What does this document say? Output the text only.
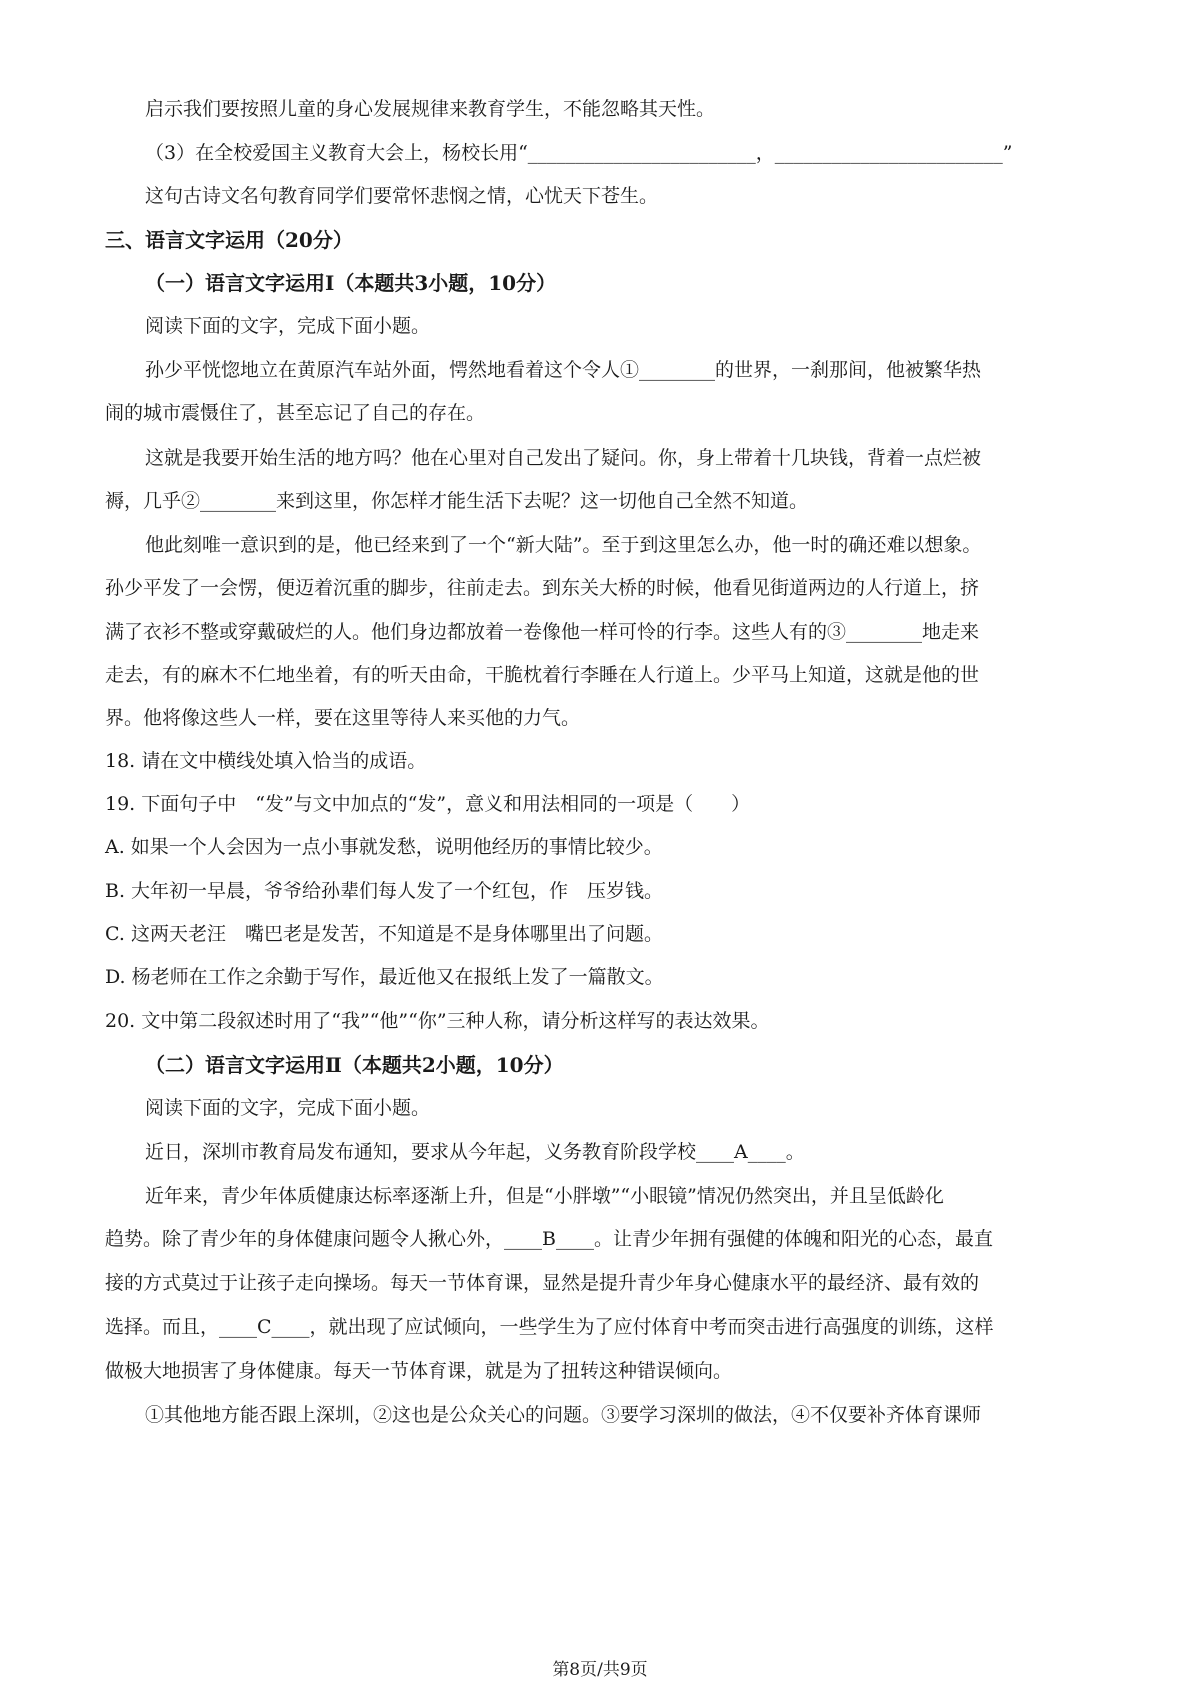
启示我们要按照儿童的身心发展规律来教育学生，不能忽略其天性。
（3）在全校爱国主义教育大会上，杨校长用“________________________，________________________”
这句古诗文名句教育同学们要常怀悲悯之情，心忧天下苍生。
三、语言文字运用（20分）
（一）语言文字运用Ⅰ（本题共3小题，10分）
阅读下面的文字，完成下面小题。
孙少平恍惚地立在黄原汽车站外面，愕然地看着这个令人①________的世界，一刹那间，他被繁华热
闹的城市震慑住了，甚至忘记了自己的存在。
这就是我要开始生活的地方吗？他在心里对自己发出了疑问。你，身上带着十几块钱，背着一点烂被
褥，几乎②________来到这里，你怎样才能生活下去呢？这一切他自己全然不知道。
他此刻唯一意识到的是，他已经来到了一个“新大陆”。至于到这里怎么办，他一时的确还难以想象。
孙少平发了一会愣，便迈着沉重的脚步，往前走去。到东关大桥的时候，他看见街道两边的人行道上，挤
满了衣衫不整或穿戴破烂的人。他们身边都放着一卷像他一样可怜的行李。这些人有的③________地走来
走去，有的麻木不仁地坐着，有的听天由命，干脆枕着行李睡在人行道上。少平马上知道，这就是他的世
界。他将像这些人一样，要在这里等待人来买他的力气。
18. 请在文中横线处填入恰当的成语。
19. 下面句子中　“发”与文中加点的“发”，意义和用法相同的一项是（　　）
A. 如果一个人会因为一点小事就发愁，说明他经历的事情比较少。
B. 大年初一早晨，爷爷给孙辈们每人发了一个红包，作　压岁钱。
C. 这两天老汪　嘴巴老是发苦，不知道是不是身体哪里出了问题。
D. 杨老师在工作之余勤于写作，最近他又在报纸上发了一篇散文。
20. 文中第二段叙述时用了“我”“他”“你”三种人称，请分析这样写的表达效果。
（二）语言文字运用Ⅱ（本题共2小题，10分）
阅读下面的文字，完成下面小题。
近日，深圳市教育局发布通知，要求从今年起，义务教育阶段学校____A____。
近年来，青少年体质健康达标率逐渐上升，但是“小胖墩”“小眼镜”情况仍然突出，并且呈低龄化
趋势。除了青少年的身体健康问题令人揪心外，____B____。让青少年拥有强健的体魄和阳光的心态，最直
接的方式莫过于让孩子走向操场。每天一节体育课，显然是提升青少年身心健康水平的最经济、最有效的
选择。而且，____C____，就出现了应试倾向，一些学生为了应付体育中考而突击进行高强度的训练，这样
做极大地损害了身体健康。每天一节体育课，就是为了扭转这种错误倾向。
①其他地方能否跟上深圳，②这也是公众关心的问题。③要学习深圳的做法，④不仅要补齐体育课师
第8页/共9页
